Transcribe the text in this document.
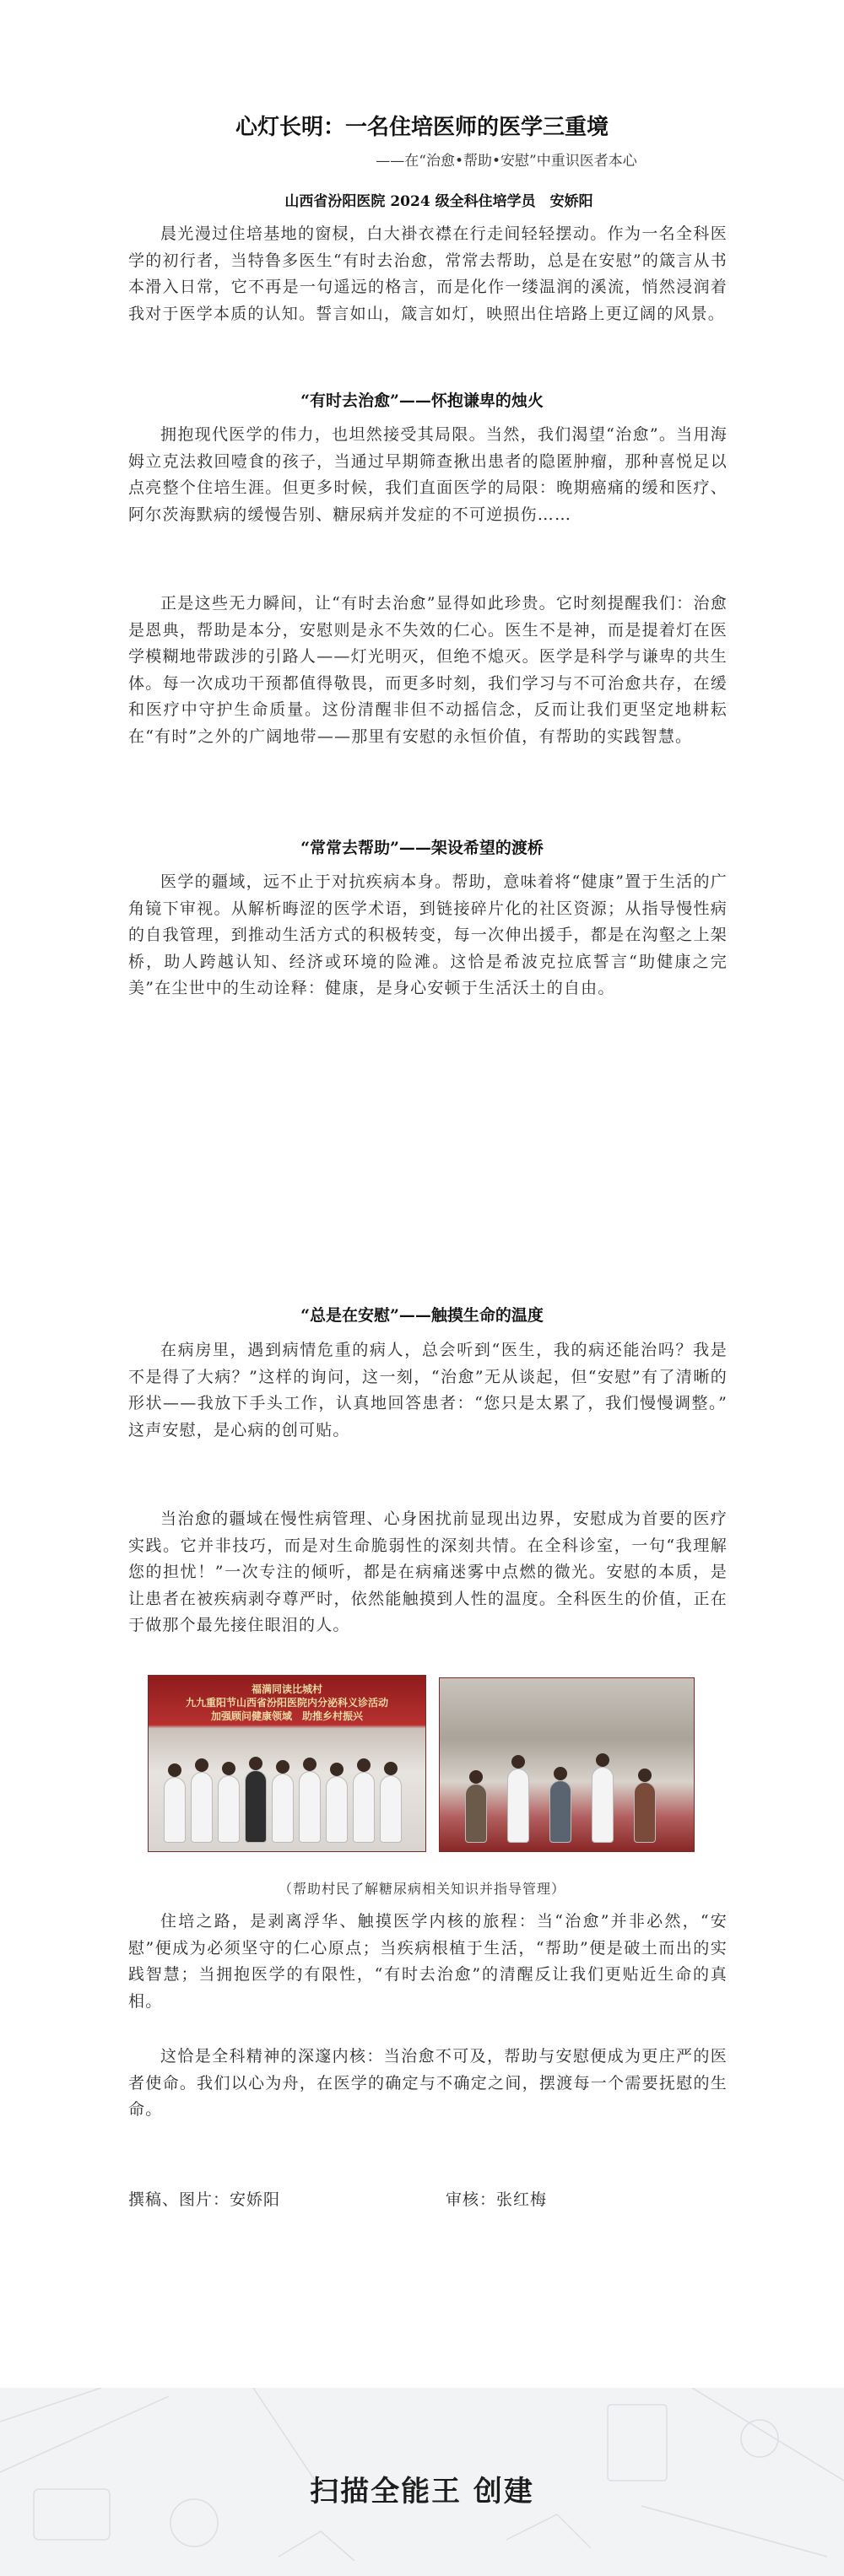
心灯长明：一名住培医师的医学三重境
——在“治愈•帮助•安慰”中重识医者本心
山西省汾阳医院 2024 级全科住培学员　安娇阳

晨光漫过住培基地的窗棂，白大褂衣襟在行走间轻轻摆动。作为一名全科医学的初行者，当特鲁多医生“有时去治愈，常常去帮助，总是在安慰”的箴言从书本滑入日常，它不再是一句遥远的格言，而是化作一缕温润的溪流，悄然浸润着我对于医学本质的认知。誓言如山，箴言如灯，映照出住培路上更辽阔的风景。

“有时去治愈”——怀抱谦卑的烛火

拥抱现代医学的伟力，也坦然接受其局限。当然，我们渴望“治愈”。当用海姆立克法救回噎食的孩子，当通过早期筛查揪出患者的隐匿肿瘤，那种喜悦足以点亮整个住培生涯。但更多时候，我们直面医学的局限：晚期癌痛的缓和医疗、阿尔茨海默病的缓慢告别、糖尿病并发症的不可逆损伤……

正是这些无力瞬间，让“有时去治愈”显得如此珍贵。它时刻提醒我们：治愈是恩典，帮助是本分，安慰则是永不失效的仁心。医生不是神，而是提着灯在医学模糊地带跋涉的引路人——灯光明灭，但绝不熄灭。医学是科学与谦卑的共生体。每一次成功干预都值得敬畏，而更多时刻，我们学习与不可治愈共存，在缓和医疗中守护生命质量。这份清醒非但不动摇信念，反而让我们更坚定地耕耘在“有时”之外的广阔地带——那里有安慰的永恒价值，有帮助的实践智慧。

“常常去帮助”——架设希望的渡桥

医学的疆域，远不止于对抗疾病本身。帮助，意味着将“健康”置于生活的广角镜下审视。从解析晦涩的医学术语，到链接碎片化的社区资源；从指导慢性病的自我管理，到推动生活方式的积极转变，每一次伸出援手，都是在沟壑之上架桥，助人跨越认知、经济或环境的险滩。这恰是希波克拉底誓言“助健康之完美”在尘世中的生动诠释：健康，是身心安顿于生活沃土的自由。

“总是在安慰”——触摸生命的温度

在病房里，遇到病情危重的病人，总会听到“医生，我的病还能治吗？我是不是得了大病？”这样的询问，这一刻，“治愈”无从谈起，但“安慰”有了清晰的形状——我放下手头工作，认真地回答患者：“您只是太累了，我们慢慢调整。”　这声安慰，是心病的创可贴。

当治愈的疆域在慢性病管理、心身困扰前显现出边界，安慰成为首要的医疗实践。它并非技巧，而是对生命脆弱性的深刻共情。在全科诊室，一句“我理解您的担忧！”一次专注的倾听，都是在病痛迷雾中点燃的微光。安慰的本质，是让患者在被疾病剥夺尊严时，依然能触摸到人性的温度。全科医生的价值，正在于做那个最先接住眼泪的人。

福满同读比城村
九九重阳节山西省汾阳医院内分泌科义诊活动
加强顾问健康领域　助推乡村振兴
（帮助村民了解糖尿病相关知识并指导管理）

住培之路，是剥离浮华、触摸医学内核的旅程：当“治愈”并非必然，“安慰”便成为必须坚守的仁心原点；当疾病根植于生活，“帮助”便是破土而出的实践智慧；当拥抱医学的有限性，“有时去治愈”的清醒反让我们更贴近生命的真相。

这恰是全科精神的深邃内核：当治愈不可及，帮助与安慰便成为更庄严的医者使命。我们以心为舟，在医学的确定与不确定之间，摆渡每一个需要抚慰的生命。

撰稿、图片：安娇阳	审核：张红梅
扫描全能王 创建
